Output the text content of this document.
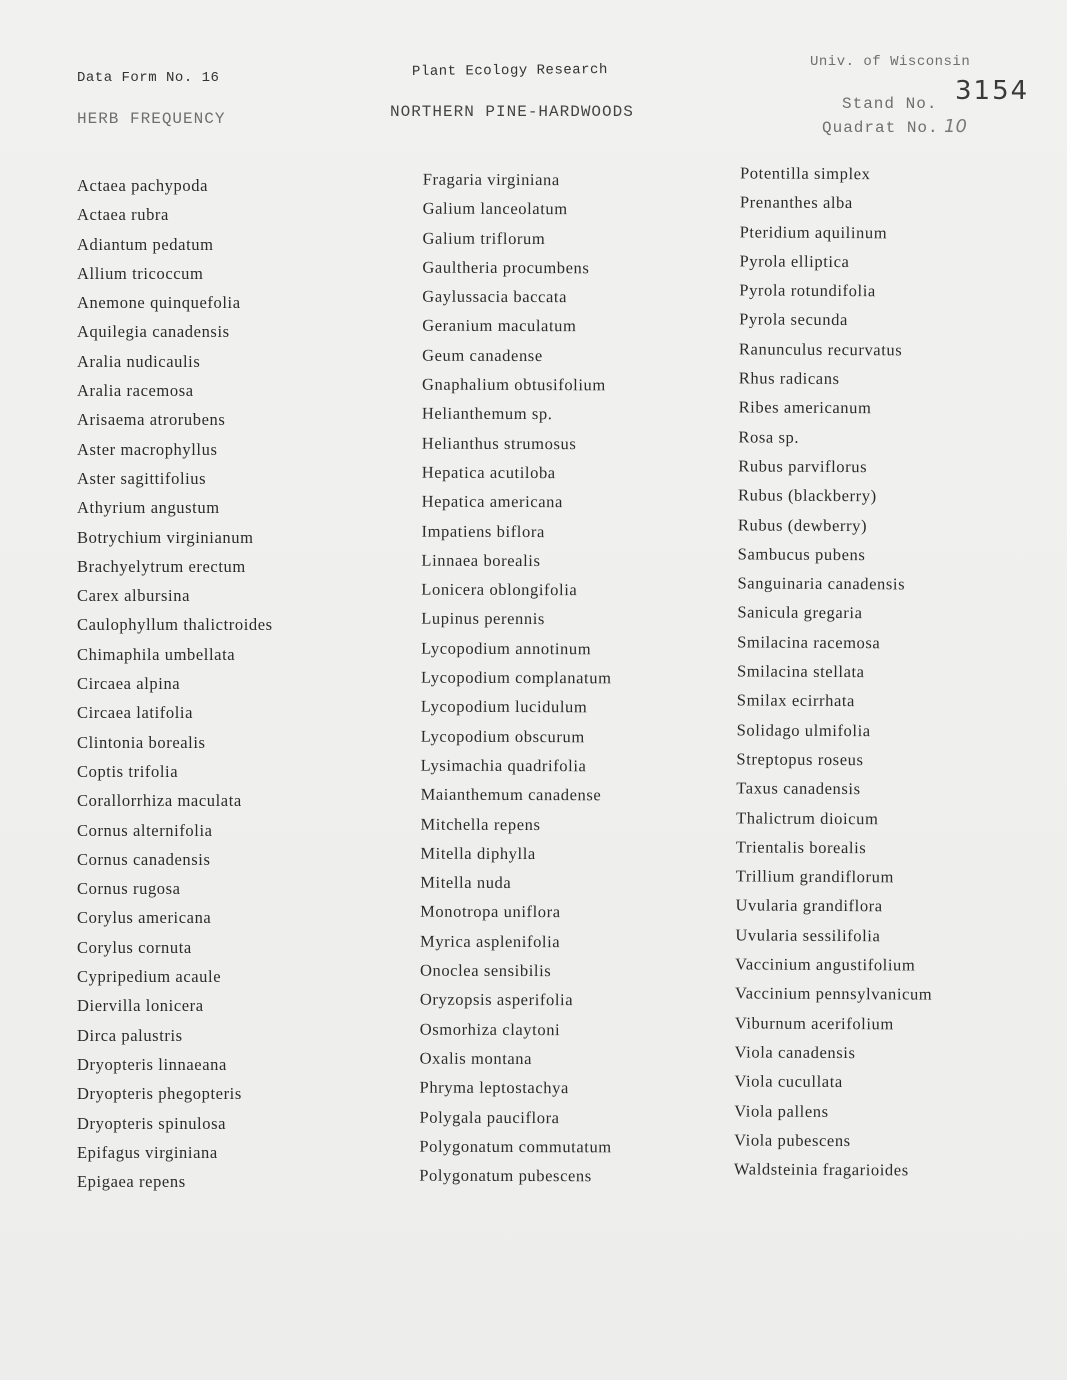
Data Form No. 16	Plant Ecology Research	Univ. of Wisconsin
HERB FREQUENCY	NORTHERN PINE-HARDWOODS	Stand No. 3154
Quadrat No. 10
Actaea pachypoda
Actaea rubra
Adiantum pedatum
Allium tricoccum
Anemone quinquefolia
Aquilegia canadensis
Aralia nudicaulis
Aralia racemosa
Arisaema atrorubens
Aster macrophyllus
Aster sagittifolius
Athyrium angustum
Botrychium virginianum
Brachyelytrum erectum
Carex albursina
Caulophyllum thalictroides
Chimaphila umbellata
Circaea alpina
Circaea latifolia
Clintonia borealis
Coptis trifolia
Corallorrhiza maculata
Cornus alternifolia
Cornus canadensis
Cornus rugosa
Corylus americana
Corylus cornuta
Cypripedium acaule
Diervilla lonicera
Dirca palustris
Dryopteris linnaeana
Dryopteris phegopteris
Dryopteris spinulosa
Epifagus virginiana
Epigaea repens
Fragaria virginiana
Galium lanceolatum
Galium triflorum
Gaultheria procumbens
Gaylussacia baccata
Geranium maculatum
Geum canadense
Gnaphalium obtusifolium
Helianthemum sp.
Helianthus strumosus
Hepatica acutiloba
Hepatica americana
Impatiens biflora
Linnaea borealis
Lonicera oblongifolia
Lupinus perennis
Lycopodium annotinum
Lycopodium complanatum
Lycopodium lucidulum
Lycopodium obscurum
Lysimachia quadrifolia
Maianthemum canadense
Mitchella repens
Mitella diphylla
Mitella nuda
Monotropa uniflora
Myrica asplenifolia
Onoclea sensibilis
Oryzopsis asperifolia
Osmorhiza claytoni
Oxalis montana
Phryma leptostachya
Polygala pauciflora
Polygonatum commutatum
Polygonatum pubescens
Potentilla simplex
Prenanthes alba
Pteridium aquilinum
Pyrola elliptica
Pyrola rotundifolia
Pyrola secunda
Ranunculus recurvatus
Rhus radicans
Ribes americanum
Rosa sp.
Rubus parviflorus
Rubus (blackberry)
Rubus (dewberry)
Sambucus pubens
Sanguinaria canadensis
Sanicula gregaria
Smilacina racemosa
Smilacina stellata
Smilax ecirrhata
Solidago ulmifolia
Streptopus roseus
Taxus canadensis
Thalictrum dioicum
Trientalis borealis
Trillium grandiflorum
Uvularia grandiflora
Uvularia sessilifolia
Vaccinium angustifolium
Vaccinium pennsylvanicum
Viburnum acerifolium
Viola canadensis
Viola cucullata
Viola pallens
Viola pubescens
Waldsteinia fragarioides
